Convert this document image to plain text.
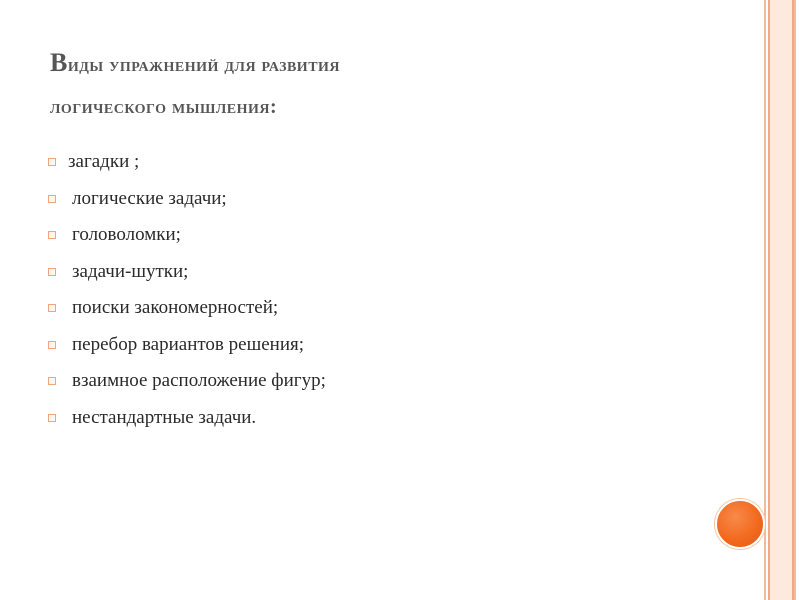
Виды упражнений для развития
логического мышления:
загадки ;
логические задачи;
головоломки;
задачи-шутки;
поиски закономерностей;
перебор вариантов решения;
взаимное расположение фигур;
нестандартные задачи.
